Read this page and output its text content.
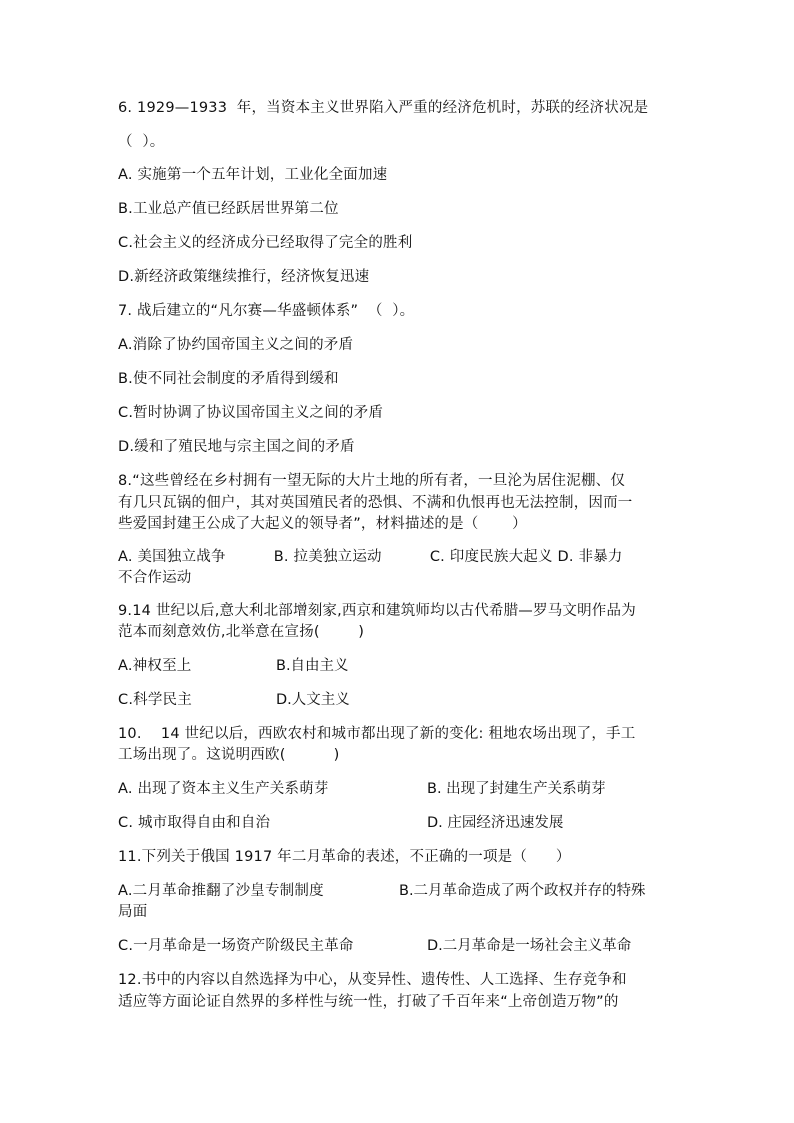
6. 1929—1933  年，当资本主义世界陷入严重的经济危机时，苏联的经济状况是
（  ）。
A. 实施第一个五年计划，工业化全面加速
B.工业总产值已经跃居世界第二位
C.社会主义的经济成分已经取得了完全的胜利
D.新经济政策继续推行，经济恢复迅速
7. 战后建立的“凡尔赛—华盛顿体系”  （  ）。
A.消除了协约国帝国主义之间的矛盾
B.使不同社会制度的矛盾得到缓和
C.暂时协调了协议国帝国主义之间的矛盾
D.缓和了殖民地与宗主国之间的矛盾
8.“这些曾经在乡村拥有一望无际的大片土地的所有者，一旦沦为居住泥棚、仅
有几只瓦锅的佃户，其对英国殖民者的恐惧、不满和仇恨再也无法控制，因而一
些爱国封建王公成了大起义的领导者”，材料描述的是（       ）
A. 美国独立战争          B. 拉美独立运动          C. 印度民族大起义 D. 非暴力
不合作运动
9.14 世纪以后,意大利北部增刻家,西京和建筑师均以古代希腊—罗马文明作品为
范本而刻意效仿,北举意在宣扬(        )
A.神权至上	B.自由主义
C.科学民主	D.人文主义
10.    14 世纪以后，西欧农村和城市都出现了新的变化: 租地农场出现了，手工
工场出现了。这说明西欧(          )
A. 出现了资本主义生产关系萌芽	B. 出现了封建生产关系萌芽
C. 城市取得自由和自治	D. 庄园经济迅速发展
11.下列关于俄国 1917 年二月革命的表述，不正确的一项是（      ）
A.二月革命推翻了沙皇专制制度	B.二月革命造成了两个政权并存的特殊
局面
C.一月革命是一场资产阶级民主革命	D.二月革命是一场社会主义革命
12.书中的内容以自然选择为中心，从变异性、遗传性、人工选择、生存竞争和
适应等方面论证自然界的多样性与统一性，打破了千百年来“上帝创造万物”的
